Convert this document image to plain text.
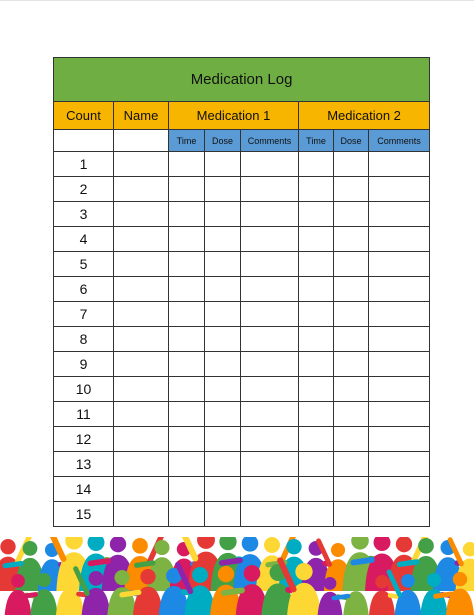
Medication Log							
Count	Name	Medication 1			Medication 2		
		Time	Dose	Comments	Time	Dose	Comments
1							
2							
3							
4							
5							
6							
7							
8							
9							
10							
11							
12							
13							
14							
15							
